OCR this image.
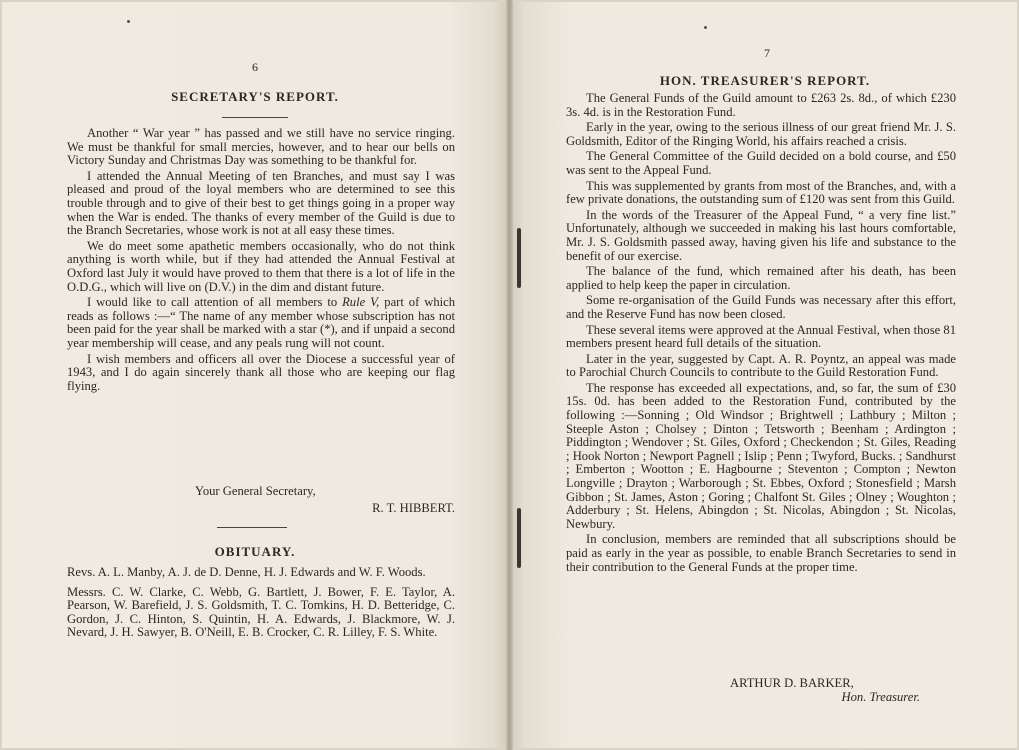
6
SECRETARY'S REPORT.

Another “ War year ” has passed and we still have no service ringing. We must be thankful for small mercies, however, and to hear our bells on Victory Sunday and Christmas Day was something to be thankful for.

I attended the Annual Meeting of ten Branches, and must say I was pleased and proud of the loyal members who are determined to see this trouble through and to give of their best to get things going in a proper way when the War is ended. The thanks of every member of the Guild is due to the Branch Secretaries, whose work is not at all easy these times.

We do meet some apathetic members occasionally, who do not think anything is worth while, but if they had attended the Annual Festival at Oxford last July it would have proved to them that there is a lot of life in the O.D.G., which will live on (D.V.) in the dim and distant future.

I would like to call attention of all members to Rule V, part of which reads as follows :—“ The name of any member whose subscription has not been paid for the year shall be marked with a star (*), and if unpaid a second year membership will cease, and any peals rung will not count.

I wish members and officers all over the Diocese a successful year of 1943, and I do again sincerely thank all those who are keeping our flag flying.

Your General Secretary,
R. T. HIBBERT.
OBITUARY.

Revs. A. L. Manby, A. J. de D. Denne, H. J. Edwards and W. F. Woods.

Messrs. C. W. Clarke, C. Webb, G. Bartlett, J. Bower, F. E. Taylor, A. Pearson, W. Barefield, J. S. Goldsmith, T. C. Tomkins, H. D. Betteridge, C. Gordon, J. C. Hinton, S. Quintin, H. A. Edwards, J. Blackmore, W. J. Nevard, J. H. Sawyer, B. O'Neill, E. B. Crocker, C. R. Lilley, F. S. White.

7
HON. TREASURER'S REPORT.

The General Funds of the Guild amount to £263 2s. 8d., of which £230 3s. 4d. is in the Restoration Fund.

Early in the year, owing to the serious illness of our great friend Mr. J. S. Goldsmith, Editor of the Ringing World, his affairs reached a crisis.

The General Committee of the Guild decided on a bold course, and £50 was sent to the Appeal Fund.

This was supplemented by grants from most of the Branches, and, with a few private donations, the outstanding sum of £120 was sent from this Guild.

In the words of the Treasurer of the Appeal Fund, “ a very fine list.” Unfortunately, although we succeeded in making his last hours comfortable, Mr. J. S. Goldsmith passed away, having given his life and substance to the benefit of our exercise.

The balance of the fund, which remained after his death, has been applied to help keep the paper in circulation.

Some re-organisation of the Guild Funds was necessary after this effort, and the Reserve Fund has now been closed.

These several items were approved at the Annual Festival, when those 81 members present heard full details of the situation.

Later in the year, suggested by Capt. A. R. Poyntz, an appeal was made to Parochial Church Councils to contribute to the Guild Restoration Fund.

The response has exceeded all expectations, and, so far, the sum of £30 15s. 0d. has been added to the Restoration Fund, contributed by the following :—Sonning ; Old Windsor ; Brightwell ; Lathbury ; Milton ; Steeple Aston ; Cholsey ; Dinton ; Tetsworth ; Beenham ; Ardington ; Piddington ; Wendover ; St. Giles, Oxford ; Checkendon ; St. Giles, Reading ; Hook Norton ; Newport Pagnell ; Islip ; Penn ; Twyford, Bucks. ; Sandhurst ; Emberton ; Wootton ; E. Hagbourne ; Steventon ; Compton ; Newton Longville ; Drayton ; Warborough ; St. Ebbes, Oxford ; Stonesfield ; Marsh Gibbon ; St. James, Aston ; Goring ; Chalfont St. Giles ; Olney ; Woughton ; Adderbury ; St. Helens, Abingdon ; St. Nicolas, Abingdon ; St. Nicolas, Newbury.

In conclusion, members are reminded that all subscriptions should be paid as early in the year as possible, to enable Branch Secretaries to send in their contribution to the General Funds at the proper time.

ARTHUR D. BARKER,
Hon. Treasurer.
